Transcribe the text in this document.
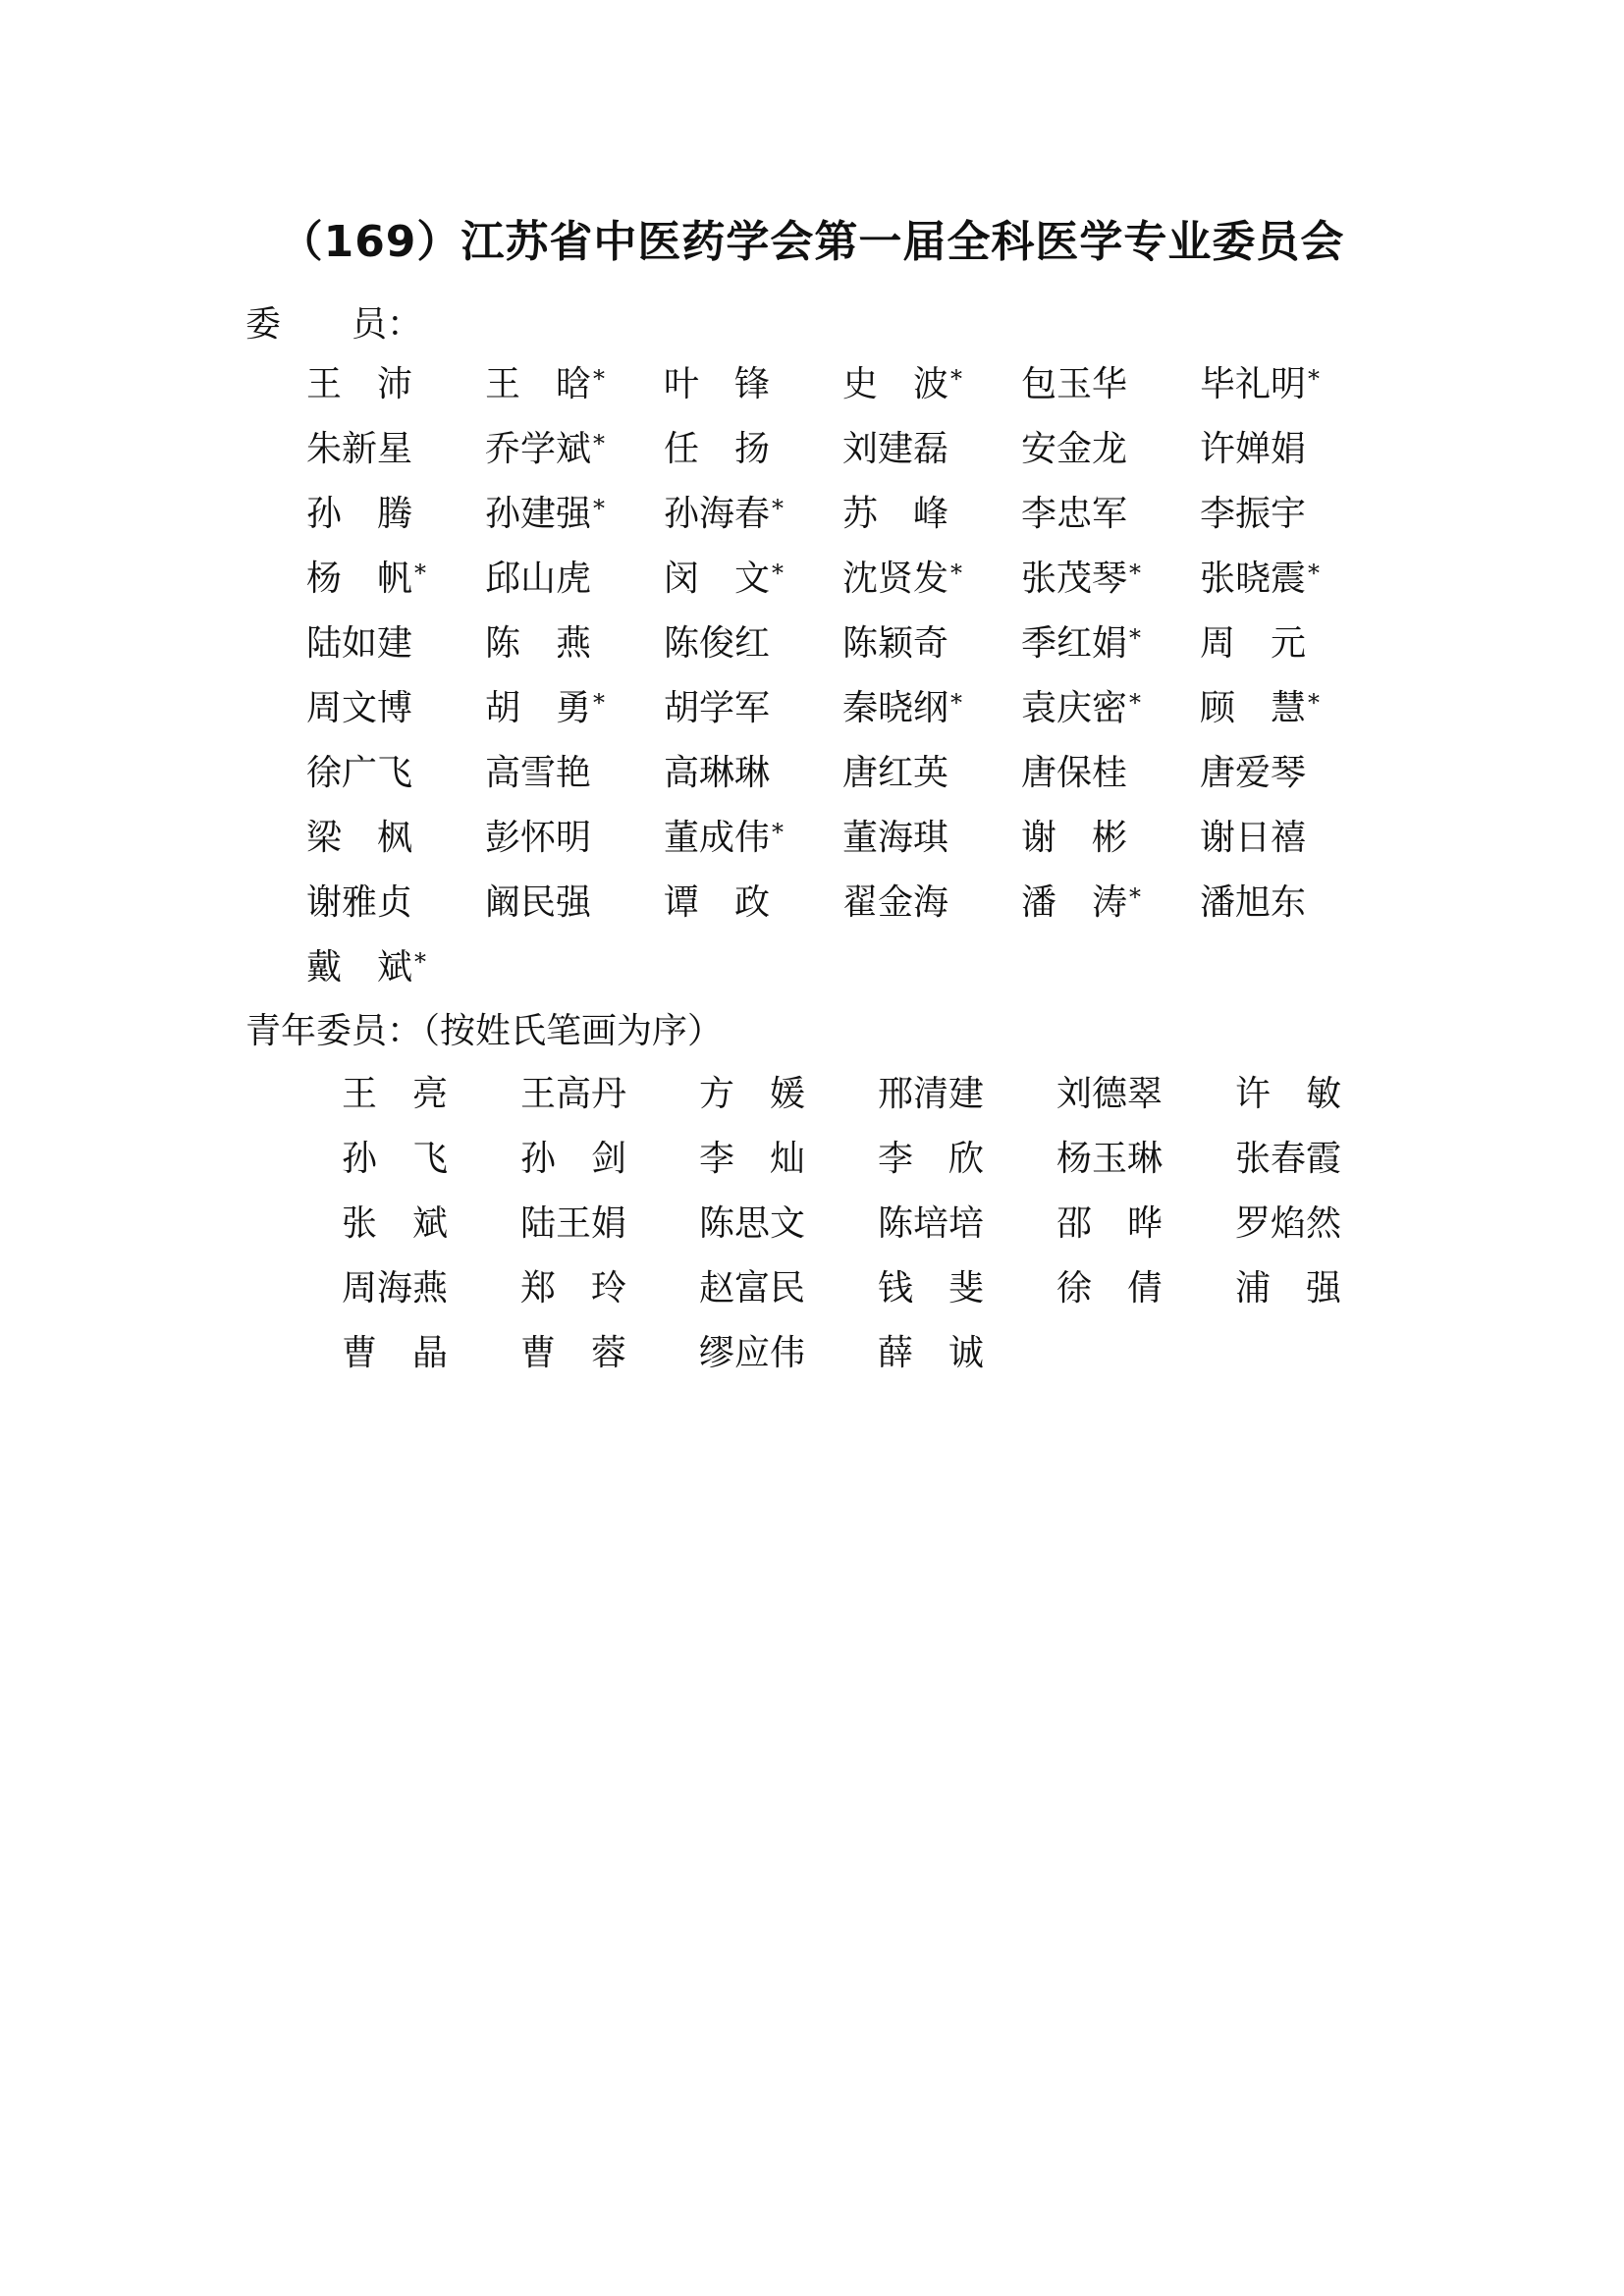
（169）江苏省中医药学会第一届全科医学专业委员会
委　　员：
王　沛 王　晗 * 叶　锋 史　波 * 包玉华 毕礼明 *
朱新星 乔学斌 * 任　扬 刘建磊 安金龙 许婵娟
孙　腾 孙建强 * 孙海春 * 苏　峰 李忠军 李振宇
杨　帆 * 邱山虎 闵　文 * 沈贤发 * 张茂琴 * 张晓震 *
陆如建 陈　燕 陈俊红 陈颖奇 季红娟 * 周　元
周文博 胡　勇 * 胡学军 秦晓纲 * 袁庆密 * 顾　慧 *
徐广飞 高雪艳 高琳琳 唐红英 唐保桂 唐爱琴
梁　枫 彭怀明 董成伟 * 董海琪 谢　彬 谢日禧
谢雅贞 阚民强 谭　政 翟金海 潘　涛 * 潘旭东
戴　斌 *
青年委员：（按姓氏笔画为序）
王　亮 王高丹 方　媛 邢清建 刘德翠 许　敏
孙　飞 孙　剑 李　灿 李　欣 杨玉琳 张春霞
张　斌 陆王娟 陈思文 陈培培 邵　晔 罗焰然
周海燕 郑　玲 赵富民 钱　斐 徐　倩 浦　强
曹　晶 曹　蓉 缪应伟 薛　诚
